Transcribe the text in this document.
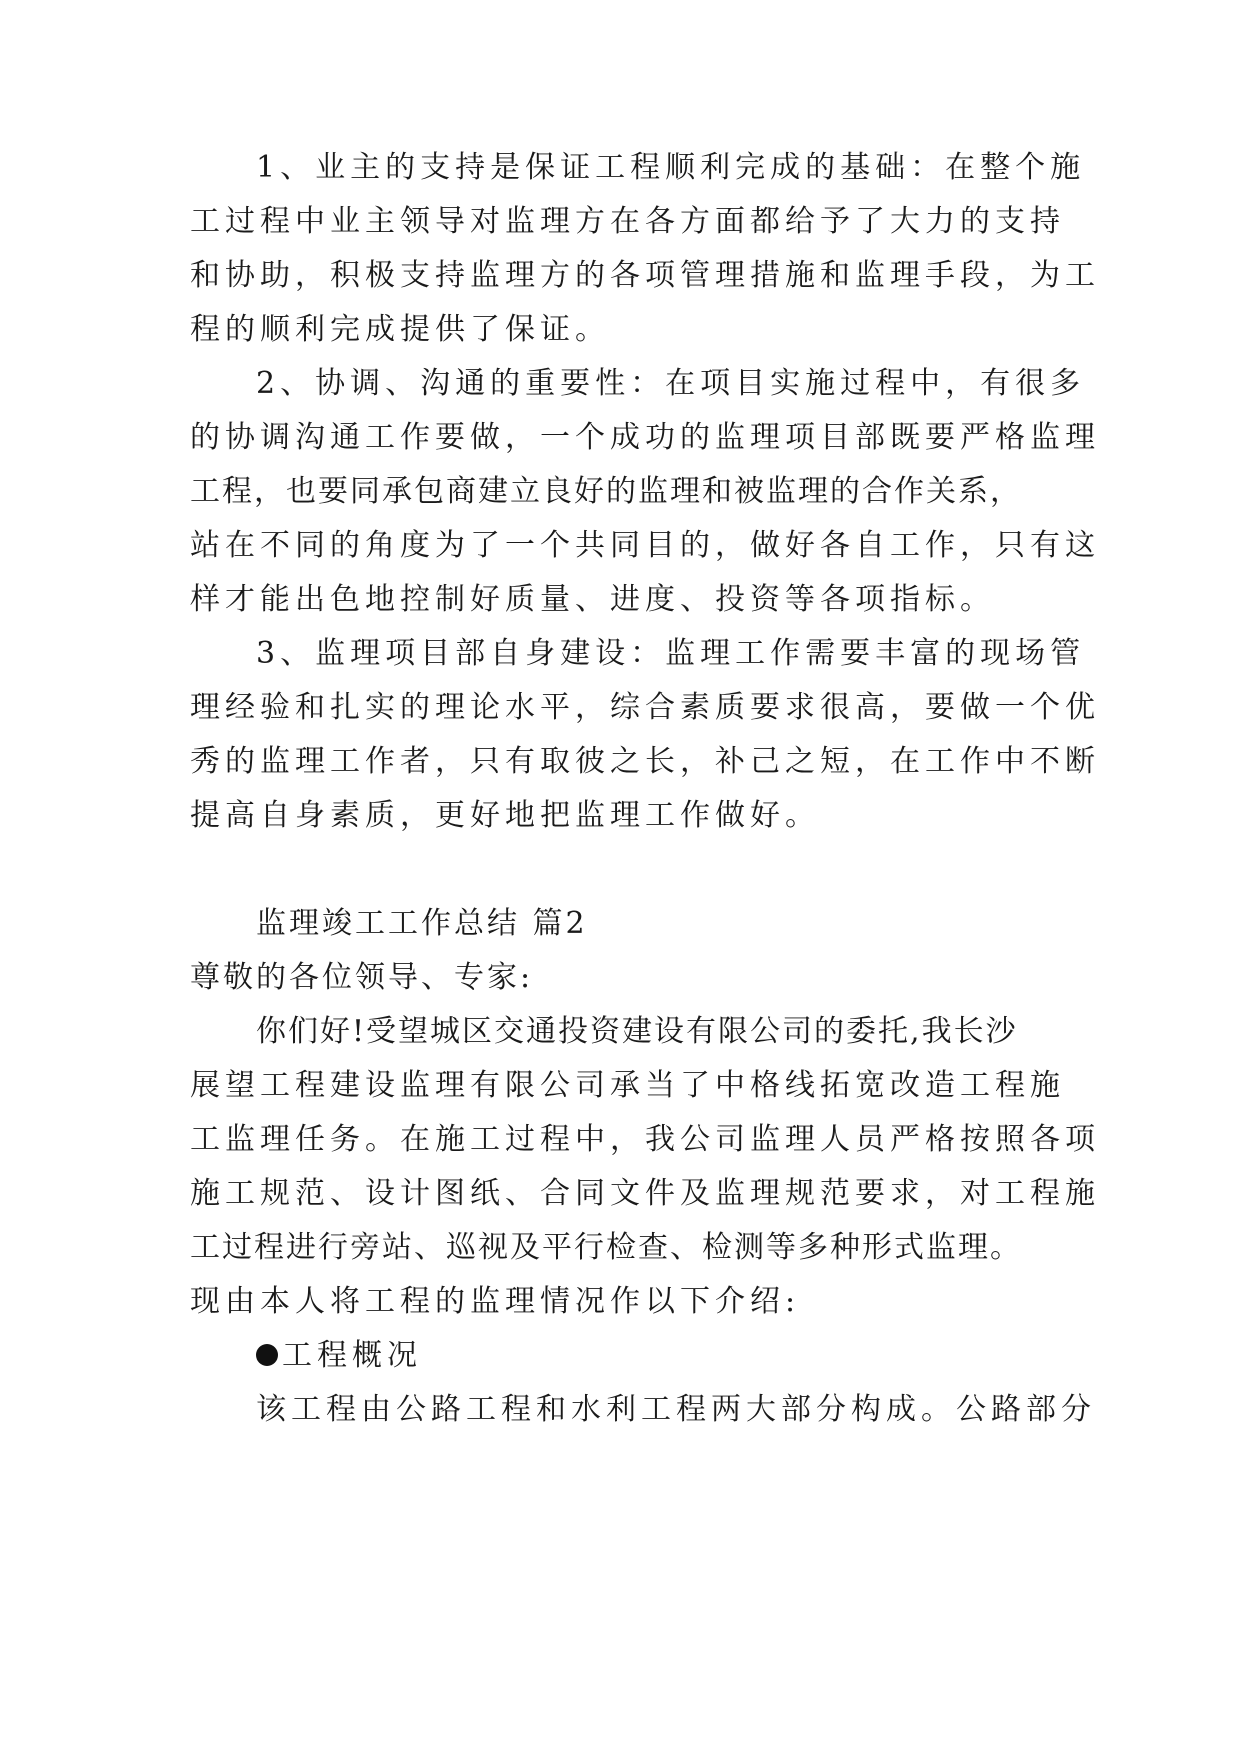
1、业主的支持是保证工程顺利完成的基础：在整个施
工过程中业主领导对监理方在各方面都给予了大力的支持
和协助，积极支持监理方的各项管理措施和监理手段，为工
程的顺利完成提供了保证。
2、协调、沟通的重要性：在项目实施过程中，有很多
的协调沟通工作要做，一个成功的监理项目部既要严格监理
工程，也要同承包商建立良好的监理和被监理的合作关系，
站在不同的角度为了一个共同目的，做好各自工作，只有这
样才能出色地控制好质量、进度、投资等各项指标。
3、监理项目部自身建设：监理工作需要丰富的现场管
理经验和扎实的理论水平，综合素质要求很高，要做一个优
秀的监理工作者，只有取彼之长，补己之短，在工作中不断
提高自身素质，更好地把监理工作做好。
监理竣工工作总结 篇2
尊敬的各位领导、专家:
你们好!受望城区交通投资建设有限公司的委托,我长沙
展望工程建设监理有限公司承当了中格线拓宽改造工程施
工监理任务。在施工过程中，我公司监理人员严格按照各项
施工规范、设计图纸、合同文件及监理规范要求，对工程施
工过程进行旁站、巡视及平行检查、检测等多种形式监理。
现由本人将工程的监理情况作以下介绍:
工程概况
该工程由公路工程和水利工程两大部分构成。公路部分
